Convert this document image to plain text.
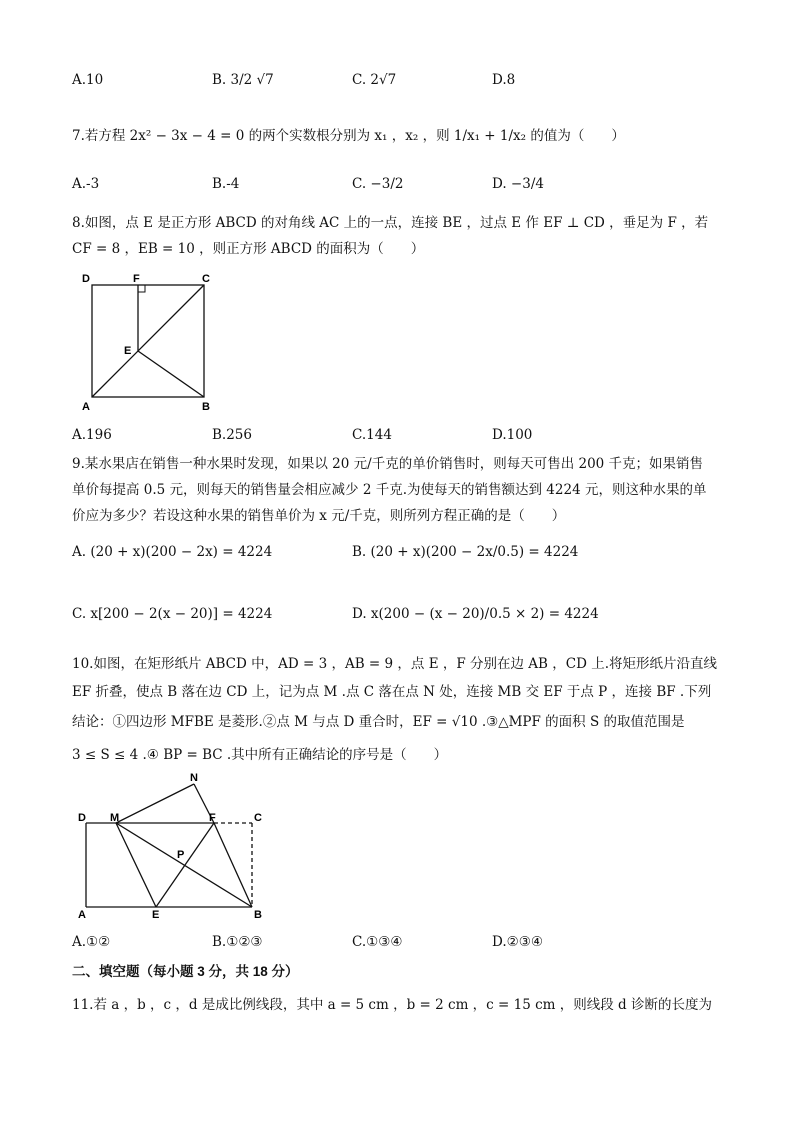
A.10	B. 3/2 √7	C. 2√7	D.8
7.若方程 2x² − 3x − 4 = 0 的两个实数根分别为 x₁ ，x₂ ，则 1/x₁ + 1/x₂ 的值为（　　）
A.-3	B.-4	C. −3/2	D. −3/4
8.如图，点 E 是正方形 ABCD 的对角线 AC 上的一点，连接 BE ，过点 E 作 EF ⊥ CD ，垂足为 F ，若
CF = 8 ，EB = 10 ，则正方形 ABCD 的面积为（　　）
D	F	C
E
A	B
A.196	B.256	C.144	D.100
9.某水果店在销售一种水果时发现，如果以 20 元/千克的单价销售时，则每天可售出 200 千克；如果销售
单价每提高 0.5 元，则每天的销售量会相应减少 2 千克.为使每天的销售额达到 4224 元，则这种水果的单
价应为多少？若设这种水果的销售单价为 x 元/千克，则所列方程正确的是（　　）
A. (20 + x)(200 − 2x) = 4224	B. (20 + x)(200 − 2x/0.5) = 4224
C. x[200 − 2(x − 20)] = 4224	D. x(200 − (x − 20)/0.5 × 2) = 4224
10.如图，在矩形纸片 ABCD 中，AD = 3 ，AB = 9 ，点 E ，F 分别在边 AB ，CD 上.将矩形纸片沿直线
EF 折叠，使点 B 落在边 CD 上，记为点 M .点 C 落在点 N 处，连接 MB 交 EF 于点 P ，连接 BF .下列
结论：①四边形 MFBE 是菱形.②点 M 与点 D 重合时，EF = √10 .③△MPF 的面积 S 的取值范围是
3 ≤ S ≤ 4 .④ BP = BC .其中所有正确结论的序号是（　　）
N
D M	F	C
P
A	E	B
A.①②	B.①②③	C.①③④	D.②③④
二、填空题（每小题 3 分，共 18 分）
11.若 a ，b ，c ，d 是成比例线段，其中 a = 5 cm ，b = 2 cm ，c = 15 cm ，则线段 d 诊断的长度为
